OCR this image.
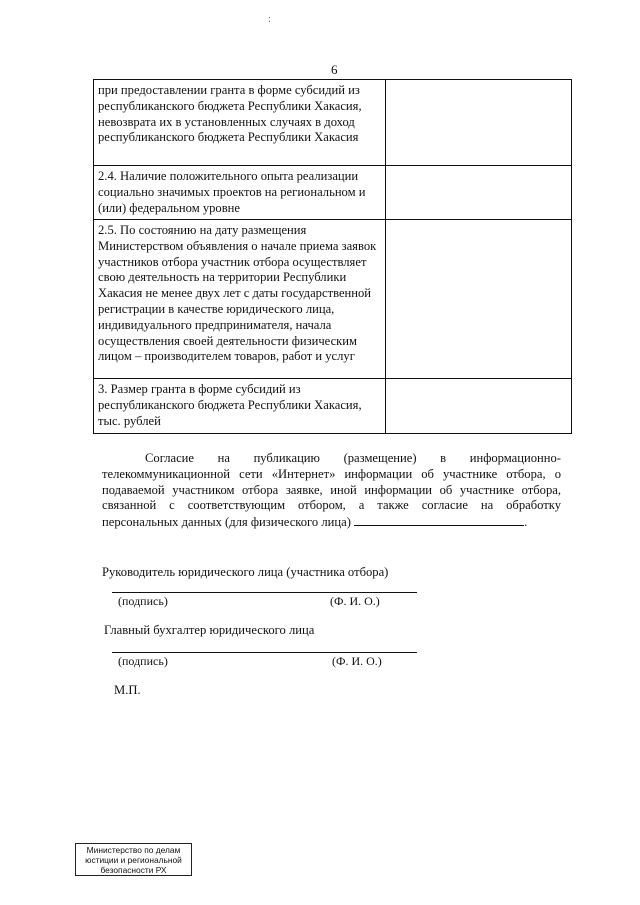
:
6
при предоставлении гранта в форме субсидий из республиканского бюджета Республики Хакасия, невозврата их в установленных случаях в доход республиканского бюджета Республики Хакасия	
2.4. Наличие положительного опыта реализации социально значимых проектов на региональном и (или) федеральном уровне	
2.5. По состоянию на дату размещения Министерством объявления о начале приема заявок участников отбора участник отбора осуществляет свою деятельность на территории Республики Хакасия не менее двух лет с даты государственной регистрации в качестве юридического лица, индивидуального предпринимателя, начала осуществления своей деятельности физическим лицом – производителем товаров, работ и услуг	
3. Размер гранта в форме субсидий из республиканского бюджета Республики Хакасия, тыс. рублей	
Согласие на публикацию (размещение) в информационно-телекоммуникационной сети «Интернет» информации об участнике отбора, о подаваемой участником отбора заявке, иной информации об участнике отбора, связанной с соответствующим отбором, а также согласие на обработку персональных данных (для физического лица)	.
Руководитель юридического лица (участника отбора)
(подпись)	(Ф. И. О.)
Главный бухгалтер юридического лица
(подпись)	(Ф. И. О.)
М.П.
Министерство по делам
юстиции и региональной
безопасности РХ
